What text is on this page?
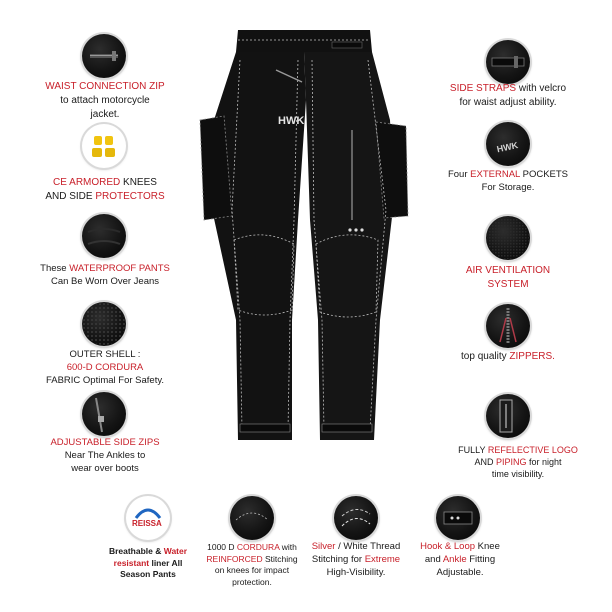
WAIST CONNECTION ZIP
to attach motorcycle
jacket.
CE ARMORED KNEES
AND SIDE PROTECTORS
These WATERPROOF PANTS
Can Be Worn Over Jeans
OUTER SHELL :
600-D CORDURA
FABRIC Optimal For Safety.
ADJUSTABLE SIDE ZIPS
Near The Ankles to
wear over boots
HWK
SIDE STRAPS with velcro
for waist adjust ability.
HWK
Four EXTERNAL POCKETS
For Storage.
AIR VENTILATION
SYSTEM
top quality ZIPPERS.
FULLY REFELECTIVE LOGO
AND PIPING for night
time visibility.
REISSA
Breathable & Water
resistant liner All
Season Pants
1000 D CORDURA with
REINFORCED Stitching
on knees for impact
protection.
Silver / White Thread
Stitching for Extreme
High-Visibility.
Hook & Loop Knee
and Ankle Fitting
Adjustable.
